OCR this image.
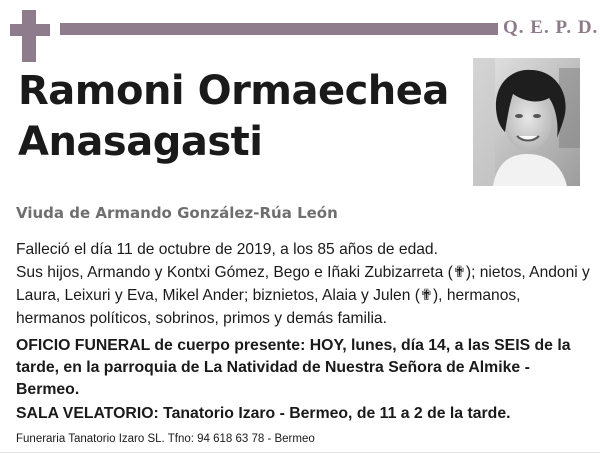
Q. E. P. D.
Ramoni Ormaechea
Anasagasti
Viuda de Armando González-Rúa León

Falleció el día 11 de octubre de 2019, a los 85 años de edad.

Sus hijos, Armando y Kontxi Gómez, Bego e Iñaki Zubizarreta (✟); nietos, Andoni y Laura, Leixuri y Eva, Mikel Ander; biznietos, Alaia y Julen (✟), hermanos, hermanos políticos, sobrinos, primos y demás familia.

OFICIO FUNERAL de cuerpo presente: HOY, lunes, día 14, a las SEIS de la tarde, en la parroquia de La Natividad de Nuestra Señora de Almike - Bermeo.

SALA VELATORIO: Tanatorio Izaro - Bermeo, de 11 a 2 de la tarde.

Funeraria Tanatorio Izaro SL. Tfno: 94 618 63 78 - Bermeo
